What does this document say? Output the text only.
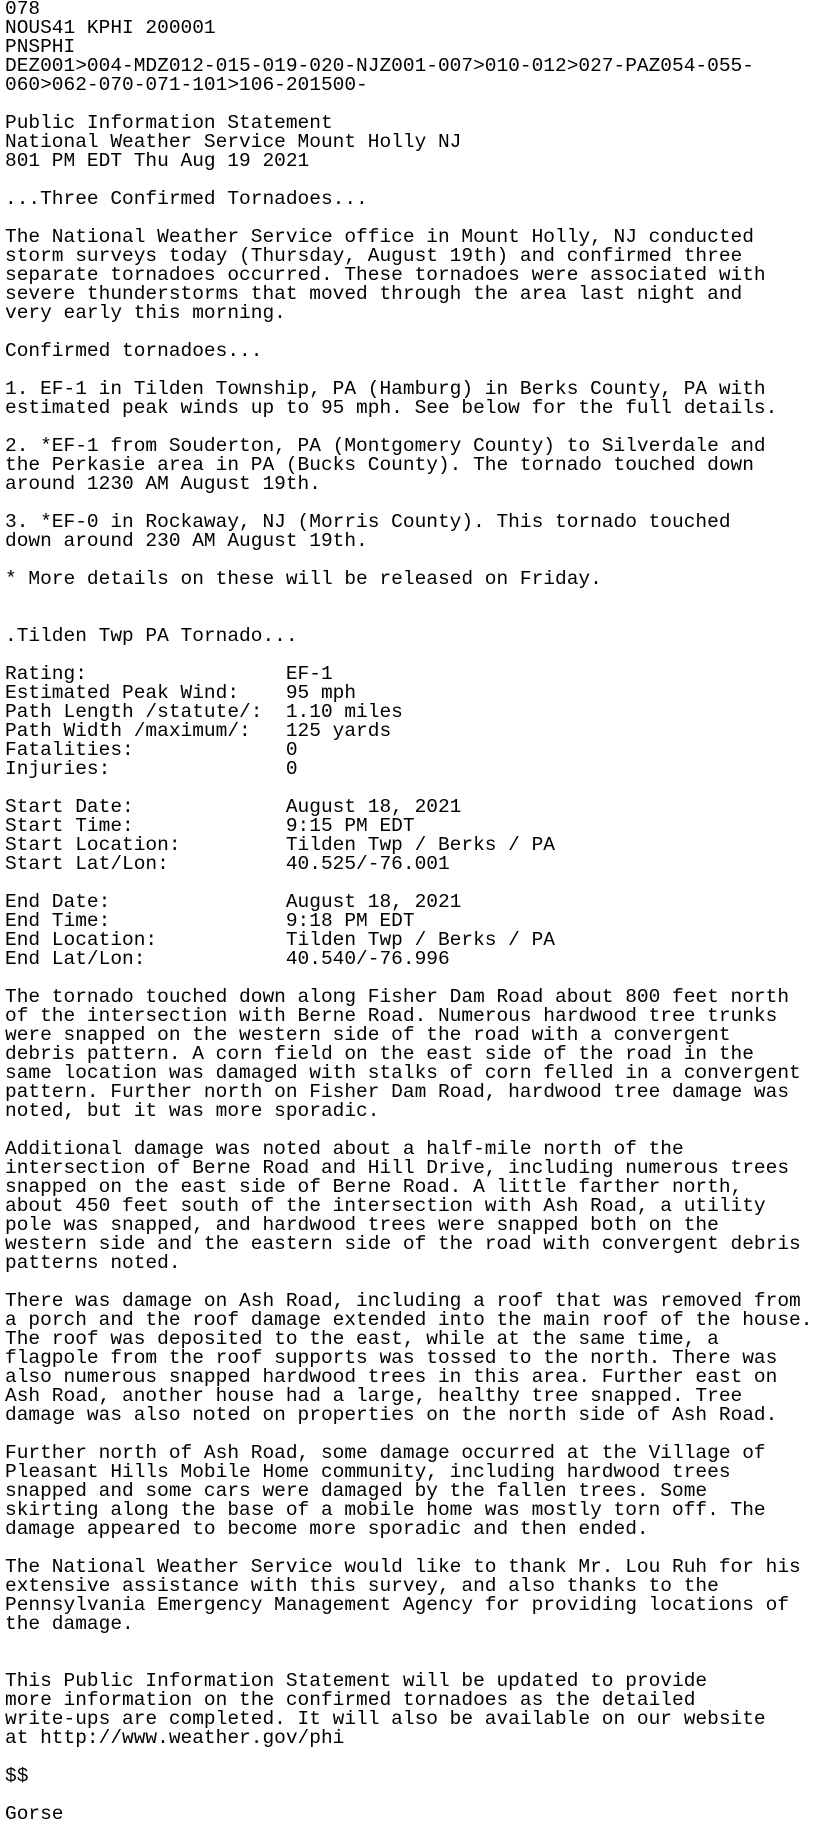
078
NOUS41 KPHI 200001
PNSPHI
DEZ001>004-MDZ012-015-019-020-NJZ001-007>010-012>027-PAZ054-055-
060>062-070-071-101>106-201500-
Public Information Statement
National Weather Service Mount Holly NJ
801 PM EDT Thu Aug 19 2021
...Three Confirmed Tornadoes...
The National Weather Service office in Mount Holly, NJ conducted
storm surveys today (Thursday, August 19th) and confirmed three
separate tornadoes occurred. These tornadoes were associated with
severe thunderstorms that moved through the area last night and
very early this morning.
Confirmed tornadoes...
1. EF-1 in Tilden Township, PA (Hamburg) in Berks County, PA with
estimated peak winds up to 95 mph. See below for the full details.
2. *EF-1 from Souderton, PA (Montgomery County) to Silverdale and
the Perkasie area in PA (Bucks County). The tornado touched down
around 1230 AM August 19th.
3. *EF-0 in Rockaway, NJ (Morris County). This tornado touched
down around 230 AM August 19th.
* More details on these will be released on Friday.
.Tilden Twp PA Tornado...
Rating:                 EF-1
Estimated Peak Wind:    95 mph
Path Length /statute/:  1.10 miles
Path Width /maximum/:   125 yards
Fatalities:             0
Injuries:               0
Start Date:             August 18, 2021
Start Time:             9:15 PM EDT
Start Location:         Tilden Twp / Berks / PA
Start Lat/Lon:          40.525/-76.001
End Date:               August 18, 2021
End Time:               9:18 PM EDT
End Location:           Tilden Twp / Berks / PA
End Lat/Lon:            40.540/-76.996
The tornado touched down along Fisher Dam Road about 800 feet north
of the intersection with Berne Road. Numerous hardwood tree trunks
were snapped on the western side of the road with a convergent
debris pattern. A corn field on the east side of the road in the
same location was damaged with stalks of corn felled in a convergent
pattern. Further north on Fisher Dam Road, hardwood tree damage was
noted, but it was more sporadic.
Additional damage was noted about a half-mile north of the
intersection of Berne Road and Hill Drive, including numerous trees
snapped on the east side of Berne Road. A little farther north,
about 450 feet south of the intersection with Ash Road, a utility
pole was snapped, and hardwood trees were snapped both on the
western side and the eastern side of the road with convergent debris
patterns noted.
There was damage on Ash Road, including a roof that was removed from
a porch and the roof damage extended into the main roof of the house.
The roof was deposited to the east, while at the same time, a
flagpole from the roof supports was tossed to the north. There was
also numerous snapped hardwood trees in this area. Further east on
Ash Road, another house had a large, healthy tree snapped. Tree
damage was also noted on properties on the north side of Ash Road.
Further north of Ash Road, some damage occurred at the Village of
Pleasant Hills Mobile Home community, including hardwood trees
snapped and some cars were damaged by the fallen trees. Some
skirting along the base of a mobile home was mostly torn off. The
damage appeared to become more sporadic and then ended.
The National Weather Service would like to thank Mr. Lou Ruh for his
extensive assistance with this survey, and also thanks to the
Pennsylvania Emergency Management Agency for providing locations of
the damage.
This Public Information Statement will be updated to provide
more information on the confirmed tornadoes as the detailed
write-ups are completed. It will also be available on our website
at http://www.weather.gov/phi
$$
Gorse
